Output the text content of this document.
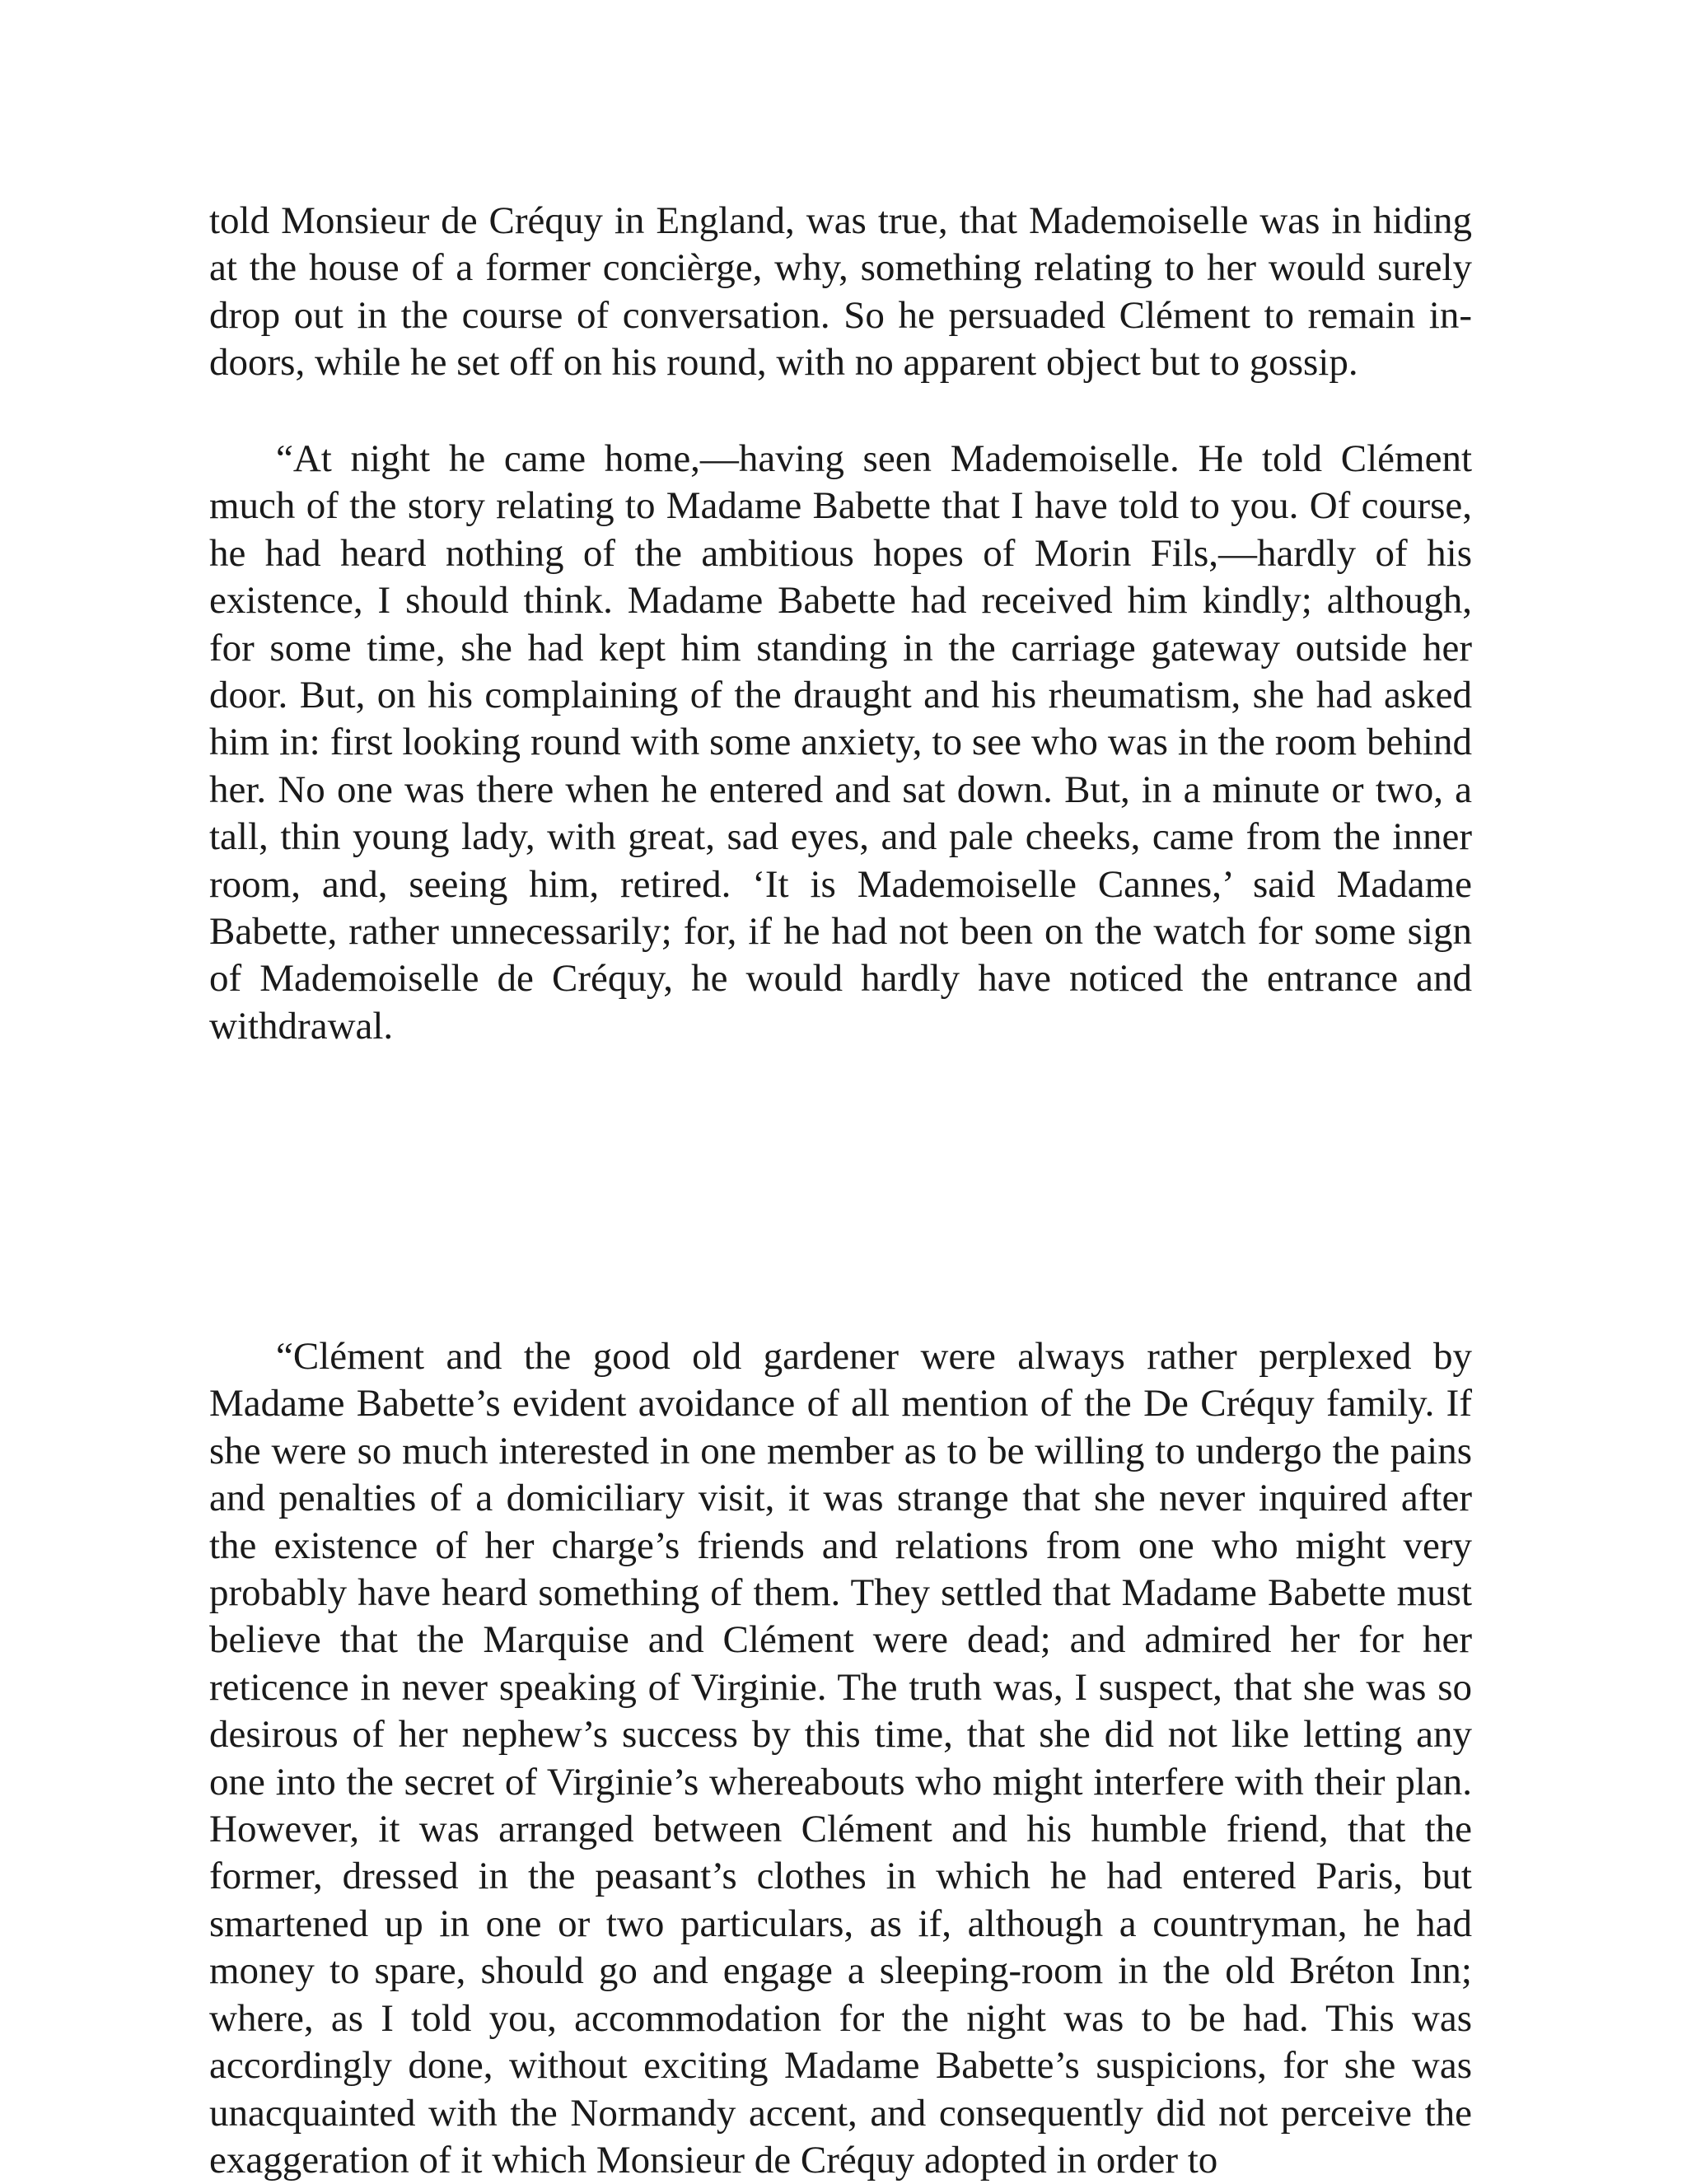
told Monsieur de Créquy in England, was true, that Mademoiselle was in hiding at the house of a former concièrge, why, something relating to her would surely drop out in the course of conversation. So he persuaded Clément to remain in-doors, while he set off on his round, with no apparent object but to gossip.

“At night he came home,—having seen Mademoiselle. He told Clément much of the story relating to Madame Babette that I have told to you. Of course, he had heard nothing of the ambitious hopes of Morin Fils,—hardly of his existence, I should think. Madame Babette had received him kindly; although, for some time, she had kept him standing in the carriage gateway outside her door. But, on his complaining of the draught and his rheumatism, she had asked him in: first looking round with some anxiety, to see who was in the room behind her. No one was there when he entered and sat down. But, in a minute or two, a tall, thin young lady, with great, sad eyes, and pale cheeks, came from the inner room, and, seeing him, retired. ‘It is Mademoiselle Cannes,’ said Madame Babette, rather unnecessarily; for, if he had not been on the watch for some sign of Mademoiselle de Créquy, he would hardly have noticed the entrance and withdrawal.

“Clément and the good old gardener were always rather perplexed by Madame Babette’s evident avoidance of all mention of the De Créquy family. If she were so much interested in one member as to be willing to undergo the pains and penalties of a domiciliary visit, it was strange that she never inquired after the existence of her charge’s friends and relations from one who might very probably have heard something of them. They settled that Madame Babette must believe that the Marquise and Clément were dead; and admired her for her reticence in never speaking of Virginie. The truth was, I suspect, that she was so desirous of her nephew’s success by this time, that she did not like letting any one into the secret of Virginie’s whereabouts who might interfere with their plan. However, it was arranged between Clément and his humble friend, that the former, dressed in the peasant’s clothes in which he had entered Paris, but smartened up in one or two particulars, as if, although a countryman, he had money to spare, should go and engage a sleeping-room in the old Bréton Inn; where, as I told you, accommodation for the night was to be had. This was accordingly done, without exciting Madame Babette’s suspicions, for she was unacquainted with the Normandy accent, and consequently did not perceive the exaggeration of it which Monsieur de Créquy adopted in order to
